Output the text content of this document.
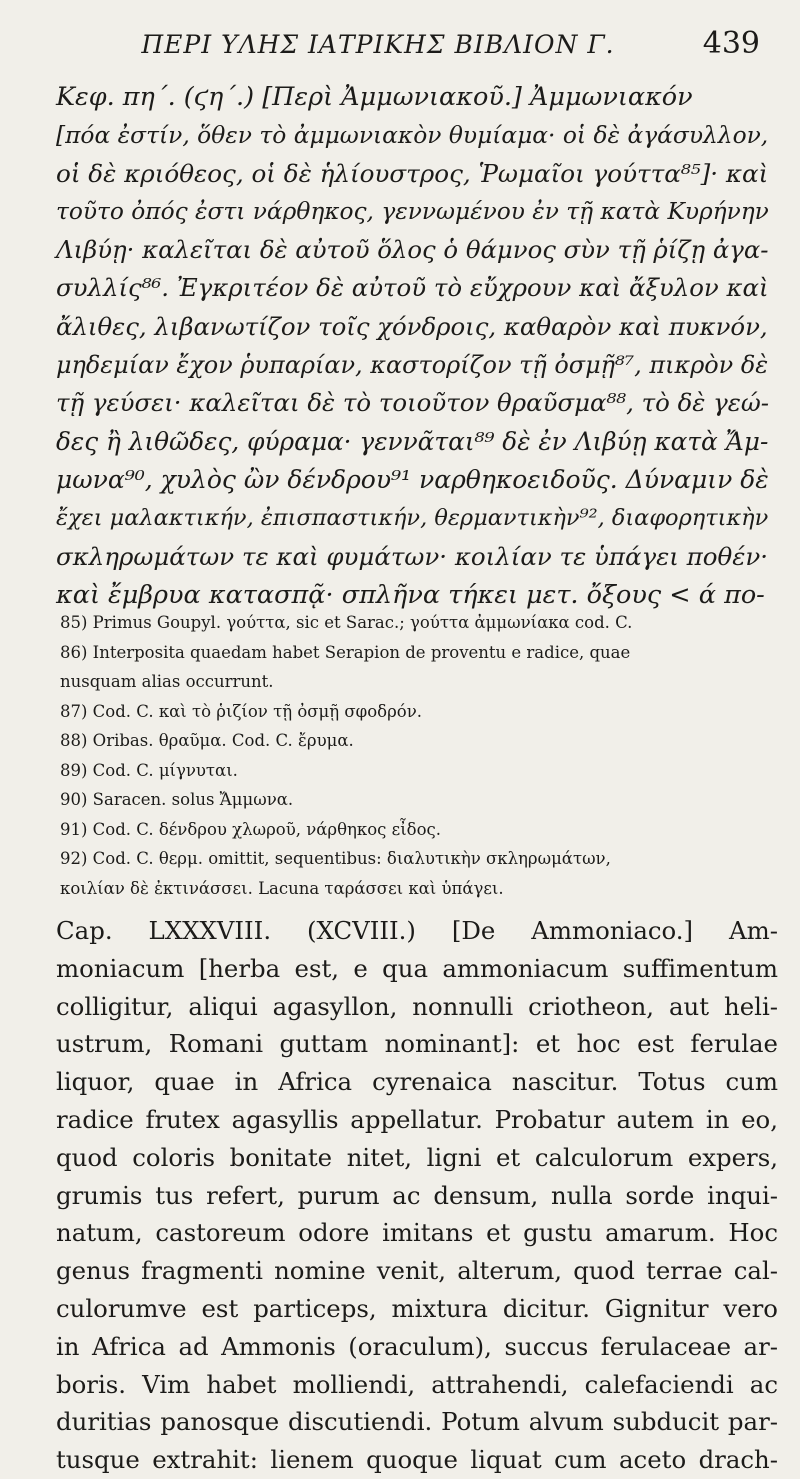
ΠΕΡΙ ΥΛΗΣ ΙΑΤΡΙΚΗΣ ΒΙΒΛΙΟΝ Γ.	439
Κεφ. πη΄. (ϛη΄.) [Περὶ Ἀμμωνιακοῦ.] Ἀμμωνιακόν
[πόα ἐστίν, ὅθεν τὸ ἀμμωνιακὸν θυμίαμα· οἱ δὲ ἀγάσυλλον,
οἱ δὲ κριόθεος, οἱ δὲ ἡλίουστρος, Ῥωμαῖοι γούττα⁸⁵]· καὶ
τοῦτο ὀπός ἐστι νάρθηκος, γεννωμένου ἐν τῇ κατὰ Κυρήνην
Λιβύῃ· καλεῖται δὲ αὐτοῦ ὅλος ὁ θάμνος σὺν τῇ ῥίζῃ ἀγα-
συλλίς⁸⁶. Ἐγκριτέον δὲ αὐτοῦ τὸ εὔχρουν καὶ ἄξυλον καὶ
ἄλιθες, λιβανωτίζον τοῖς χόνδροις, καθαρὸν καὶ πυκνόν,
μηδεμίαν ἔχον ῥυπαρίαν, καστορίζον τῇ ὀσμῇ⁸⁷, πικρὸν δὲ
τῇ γεύσει· καλεῖται δὲ τὸ τοιοῦτον θραῦσμα⁸⁸, τὸ δὲ γεώ-
δες ἢ λιθῶδες, φύραμα· γεννᾶται⁸⁹ δὲ ἐν Λιβύῃ κατὰ Ἄμ-
μωνα⁹⁰, χυλὸς ὢν δένδρου⁹¹ ναρθηκοειδοῦς. Δύναμιν δὲ
ἔχει μαλακτικήν, ἐπισπαστικήν, θερμαντικὴν⁹², διαφορητικὴν
σκληρωμάτων τε καὶ φυμάτων· κοιλίαν τε ὑπάγει ποθέν·
καὶ ἔμβρυα κατασπᾷ· σπλῆνα τήκει μετ. ὄξους < ά πο-
85) Primus Goupyl. γούττα, sic et Sarac.; γούττα ἀμμωνίακα cod. C.
86) Interposita quaedam habet Serapion de proventu e radice, quae
nusquam alias occurrunt.
87) Cod. C. καὶ τὸ ῥιζίον τῇ ὀσμῇ σφοδρόν.
88) Oribas. θραῦμα. Cod. C. ἔρυμα.
89) Cod. C. μίγνυται.
90) Saracen. solus Ἄμμωνα.
91) Cod. C. δένδρου χλωροῦ, νάρθηκος εἶδος.
92) Cod. C. θερμ. omittit, sequentibus: διαλυτικὴν σκληρωμάτων,
κοιλίαν δὲ ἐκτινάσσει. Lacuna ταράσσει καὶ ὑπάγει.
Cap. LXXXVIII. (XCVIII.) [De Ammoniaco.] Am-
moniacum [herba est, e qua ammoniacum suffimentum
colligitur, aliqui agasyllon, nonnulli criotheon, aut heli-
ustrum, Romani guttam nominant]: et hoc est ferulae
liquor, quae in Africa cyrenaica nascitur. Totus cum
radice frutex agasyllis appellatur. Probatur autem in eo,
quod coloris bonitate nitet, ligni et calculorum expers,
grumis tus refert, purum ac densum, nulla sorde inqui-
natum, castoreum odore imitans et gustu amarum. Hoc
genus fragmenti nomine venit, alterum, quod terrae cal-
culorumve est particeps, mixtura dicitur. Gignitur vero
in Africa ad Ammonis (oraculum), succus ferulaceae ar-
boris. Vim habet molliendi, attrahendi, calefaciendi ac
duritias panosque discutiendi. Potum alvum subducit par-
tusque extrahit: lienem quoque liquat cum aceto drach-
